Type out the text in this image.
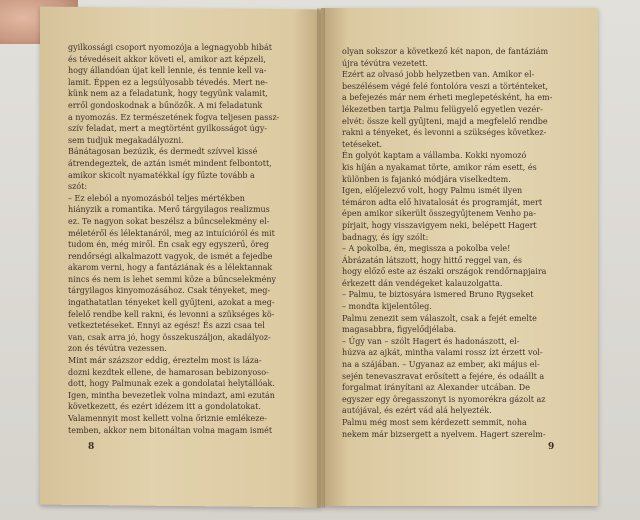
gyilkossági csoport nyomozója a legnagyobb hibát
és tévedéseit akkor követi el, amikor azt képzeli,
hogy állandóan újat kell lennie, és tennie kell va-
lamit. Éppen ez a legsúlyosabb tévedés. Mert ne-
künk nem az a feladatunk, hogy tegyünk valamit,
erről gondoskodnak a bűnözők. A mi feladatunk
a nyomozás. Ez természetének fogva teljesen passz-
szív feladat, mert a megtörtént gyilkosságot úgy-
sem tudjuk megakadályozni.
Bánátagosan bezúzik, és dermedt szívvel kissé
átrendegeztek, de aztán ismét mindent felbontott,
amikor skicolt nyamatékkal így fűzte tovább a
szót:
– Ez eleból a nyomozásból teljes mértékben
hiányzik a romantika. Merő tárgyilagos realizmus
ez. Te nagyon sokat beszélsz a bűncselekmény el-
méletéről és lélektanáról, meg az intuícióról és mit
tudom én, még miről. Én csak egy egyszerű, öreg
rendőrségi alkalmazott vagyok, de ismét a fejedbe
akarom verni, hogy a fantáziának és a lélektannak
nincs és nem is lehet semmi köze a bűncselekmény
tárgyilagos kinyomozásához. Csak tényeket, meg-
ingathatatlan tényeket kell gyűjteni, azokat a meg-
felelő rendbe kell rakni, és levonni a szükséges kö-
vetkeztetéseket. Ennyi az egész! És azzi csaa tel
van, csak arra jó, hogy összekuszáljon, akadályoz-
zon és tévútra vezessen.
Mint már százszor eddig, éreztelm most is láza-
dozni kezdtek ellene, de hamarosan bebizonyoso-
dott, hogy Palmunak ezek a gondolatai helytállóak.
Igen, mintha bevezetlek volna mindazt, ami ezután
következett, és ezért idézem itt a gondolatokat.
Valamennyit most kellett volna őriznie emlékeze-
temben, akkor nem bitonáltan volna magam ismét
olyan sokszor a következő két napon, de fantáziám
újra tévútra vezetett.
Ezért az olvasó jobb helyzetben van. Amikor el-
beszélésem végé felé fontolóra veszi a történteket,
a befejezés már nem érheti meglepetésként, ha em-
lékezetben tartja Palmu felügyelő egyetlen vezér-
elvét: össze kell gyűjteni, majd a megfelelő rendbe
rakni a tényeket, és levonni a szükséges következ-
tetéseket.
Én golyót kaptam a vállamba. Kokki nyomozó
kis híján a nyakamat törte, amikor rám esett, és
különben is fajankó módjára viselkedtem.
Igen, előjelezvő volt, hogy Palmu ismét ilyen
témáron adta elő hivatalosát és programját, mert
épen amikor sikerült összegyűjtenem Venho pa-
pírjait, hogy visszavigyem neki, belépett Hagert
badnagy, és így szólt:
– A pokolba, én, megissza a pokolba vele!
Ábrázatán látszott, hogy hittő reggel van, és
hogy előző este az északi országok rendőrnapjaira
érkezett dán vendégeket kalauzolgatta.
– Palmu, te biztosyára ismered Bruno Rygseket
– mondta kijelentőleg.
Palmu zenezit sem válaszolt, csak a fejét emelte
magasabbra, figyelődjélaba.
– Úgy van – szólt Hagert és hadonászott, el-
húzva az ajkát, mintha valami rossz ízt érzett vol-
na a szájában. – Ugyanaz az ember, aki május el-
sején tenevaszravat erősített a fejére, és odaállt a
forgalmat irányítani az Alexander utcában. De
egyszer egy öregasszonyt is nyomorékra gázolt az
autójával, és ezért vád alá helyezték.
Palmu még most sem kérdezett semmit, noha
nekem már bizsergett a nyelvem. Hagert szerelm-
8	9
